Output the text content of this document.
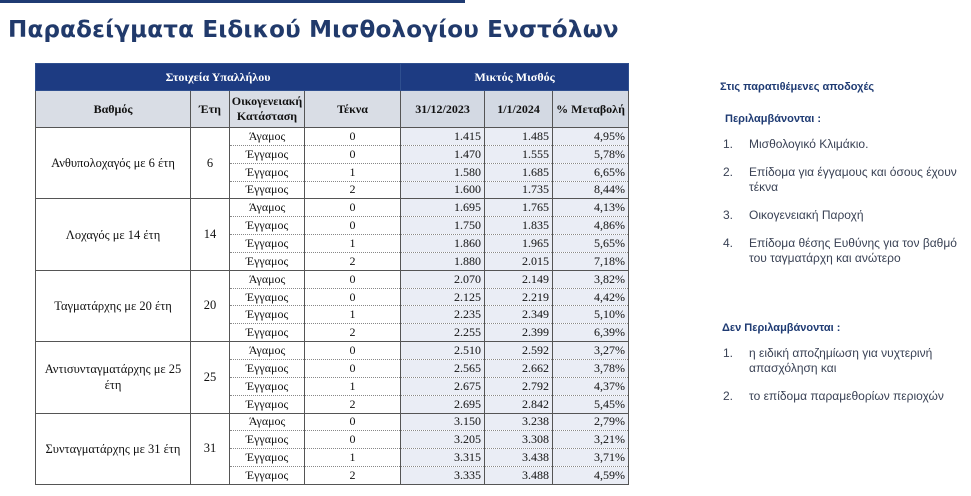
Παραδείγματα Ειδικού Μισθολογίου Ενστόλων
Στοιχεία Υπαλλήλου				Μικτός Μισθός		
Βαθμός	Έτη	Οικογενειακή Κατάσταση	Τέκνα	31/12/2023	1/1/2024	% Μεταβολή
Ανθυπολοχαγός με 6 έτη	6	Άγαμος	0	1.415	1.485	4,95%
		Έγγαμος	0	1.470	1.555	5,78%
		Έγγαμος	1	1.580	1.685	6,65%
		Έγγαμος	2	1.600	1.735	8,44%
Λοχαγός με 14 έτη	14	Άγαμος	0	1.695	1.765	4,13%
		Έγγαμος	0	1.750	1.835	4,86%
		Έγγαμος	1	1.860	1.965	5,65%
		Έγγαμος	2	1.880	2.015	7,18%
Ταγματάρχης με 20 έτη	20	Άγαμος	0	2.070	2.149	3,82%
		Έγγαμος	0	2.125	2.219	4,42%
		Έγγαμος	1	2.235	2.349	5,10%
		Έγγαμος	2	2.255	2.399	6,39%
Αντισυνταγματάρχης με 25 έτη	25	Άγαμος	0	2.510	2.592	3,27%
		Έγγαμος	0	2.565	2.662	3,78%
		Έγγαμος	1	2.675	2.792	4,37%
		Έγγαμος	2	2.695	2.842	5,45%
Συνταγματάρχης με 31 έτη	31	Άγαμος	0	3.150	3.238	2,79%
		Έγγαμος	0	3.205	3.308	3,21%
		Έγγαμος	1	3.315	3.438	3,71%
		Έγγαμος	2	3.335	3.488	4,59%
Στις παρατιθέμενες αποδοχές
Περιλαμβάνονται :
1. Μισθολογικό Κλιμάκιο.
2. Επίδομα για έγγαμους και όσους έχουν τέκνα
3. Οικογενειακή Παροχή
4. Επίδομα θέσης Ευθύνης για τον βαθμό του ταγματάρχη και ανώτερο
Δεν Περιλαμβάνονται :
1. η ειδική αποζημίωση για νυχτερινή απασχόληση και
2. το επίδομα παραμεθορίων περιοχών
